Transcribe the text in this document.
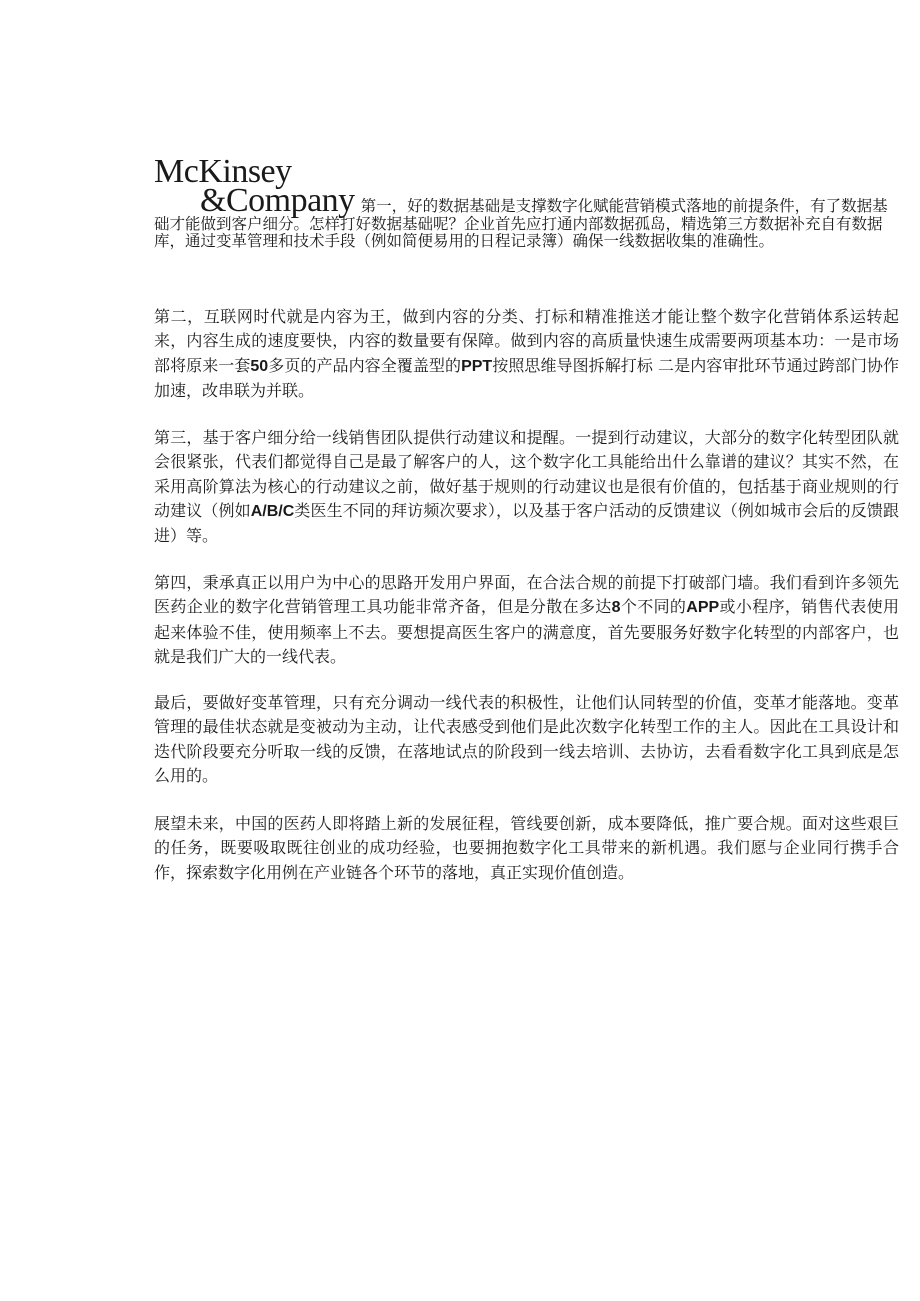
McKinsey
&Company 第一，好的数据基础是支撑数字化赋能营销模式落地的前提条件，有了数据基础才能做到客户细分。怎样打好数据基础呢？企业首先应打通内部数据孤岛，精选第三方数据补充自有数据库，通过变革管理和技术手段（例如简便易用的日程记录簿）确保一线数据收集的准确性。
第二，互联网时代就是内容为王，做到内容的分类、打标和精准推送才能让整个数字化营销体系运转起来，内容生成的速度要快，内容的数量要有保障。做到内容的高质量快速生成需要两项基本功：一是市场部将原来一套50多页的产品内容全覆盖型的PPT按照思维导图拆解打标 二是内容审批环节通过跨部门协作加速，改串联为并联。
第三，基于客户细分给一线销售团队提供行动建议和提醒。一提到行动建议，大部分的数字化转型团队就会很紧张，代表们都觉得自己是最了解客户的人，这个数字化工具能给出什么靠谱的建议？其实不然，在采用高阶算法为核心的行动建议之前，做好基于规则的行动建议也是很有价值的，包括基于商业规则的行动建议（例如A/B/C类医生不同的拜访频次要求），以及基于客户活动的反馈建议（例如城市会后的反馈跟进）等。
第四，秉承真正以用户为中心的思路开发用户界面，在合法合规的前提下打破部门墙。我们看到许多领先医药企业的数字化营销管理工具功能非常齐备，但是分散在多达8个不同的APP或小程序，销售代表使用起来体验不佳，使用频率上不去。要想提高医生客户的满意度，首先要服务好数字化转型的内部客户，也就是我们广大的一线代表。
最后，要做好变革管理，只有充分调动一线代表的积极性，让他们认同转型的价值，变革才能落地。变革管理的最佳状态就是变被动为主动，让代表感受到他们是此次数字化转型工作的主人。因此在工具设计和迭代阶段要充分听取一线的反馈，在落地试点的阶段到一线去培训、去协访，去看看数字化工具到底是怎么用的。
展望未来，中国的医药人即将踏上新的发展征程，管线要创新，成本要降低，推广要合规。面对这些艰巨的任务，既要吸取既往创业的成功经验，也要拥抱数字化工具带来的新机遇。我们愿与企业同行携手合作，探索数字化用例在产业链各个环节的落地，真正实现价值创造。
